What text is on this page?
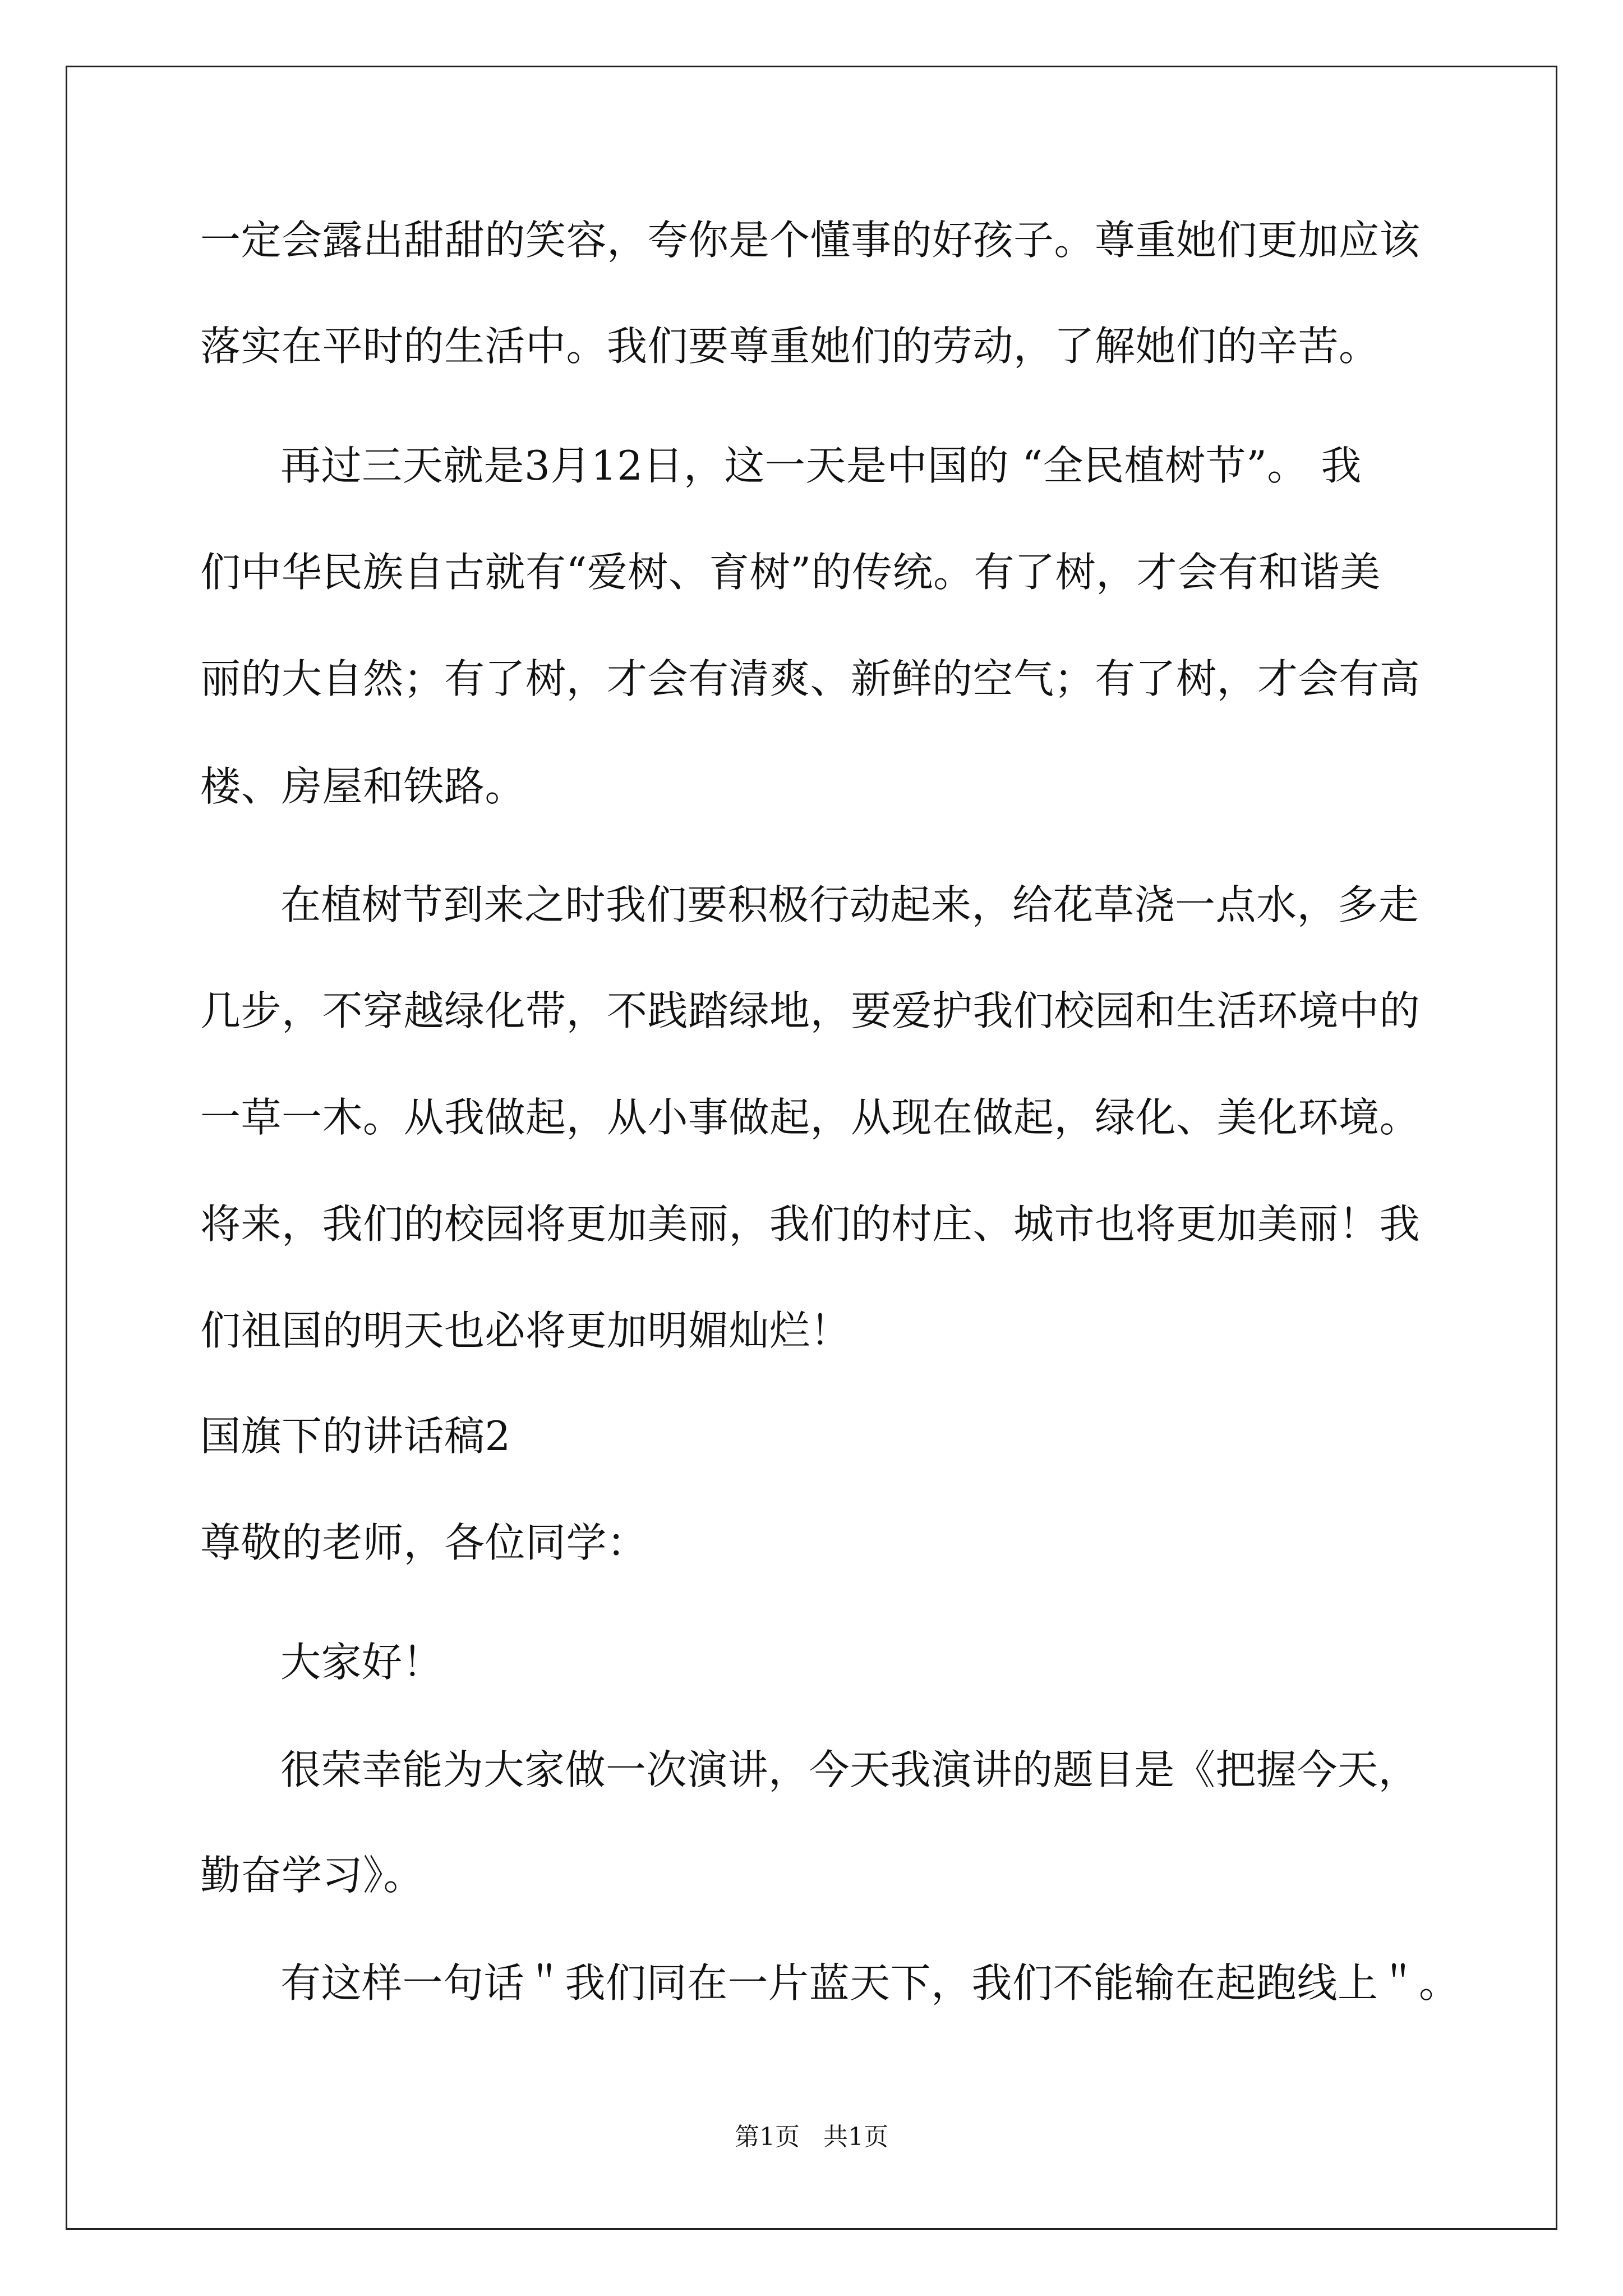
一定会露出甜甜的笑容，夸你是个懂事的好孩子。尊重她们更加应该
落实在平时的生活中。我们要尊重她们的劳动，了解她们的辛苦。
再过三天就是3月12日，这一天是中国的 “全民植树节”。 我
们中华民族自古就有“爱树、育树”的传统。有了树，才会有和谐美
丽的大自然；有了树，才会有清爽、新鲜的空气；有了树，才会有高
楼、房屋和铁路。
在植树节到来之时我们要积极行动起来，给花草浇一点水，多走
几步，不穿越绿化带，不践踏绿地，要爱护我们校园和生活环境中的
一草一木。从我做起，从小事做起，从现在做起，绿化、美化环境。
将来，我们的校园将更加美丽，我们的村庄、城市也将更加美丽！我
们祖国的明天也必将更加明媚灿烂！
国旗下的讲话稿2
尊敬的老师，各位同学：
大家好！
很荣幸能为大家做一次演讲，今天我演讲的题目是《把握今天，
勤奋学习》。
有这样一句话＂我们同在一片蓝天下，我们不能输在起跑线上＂。
第1页   共1页
